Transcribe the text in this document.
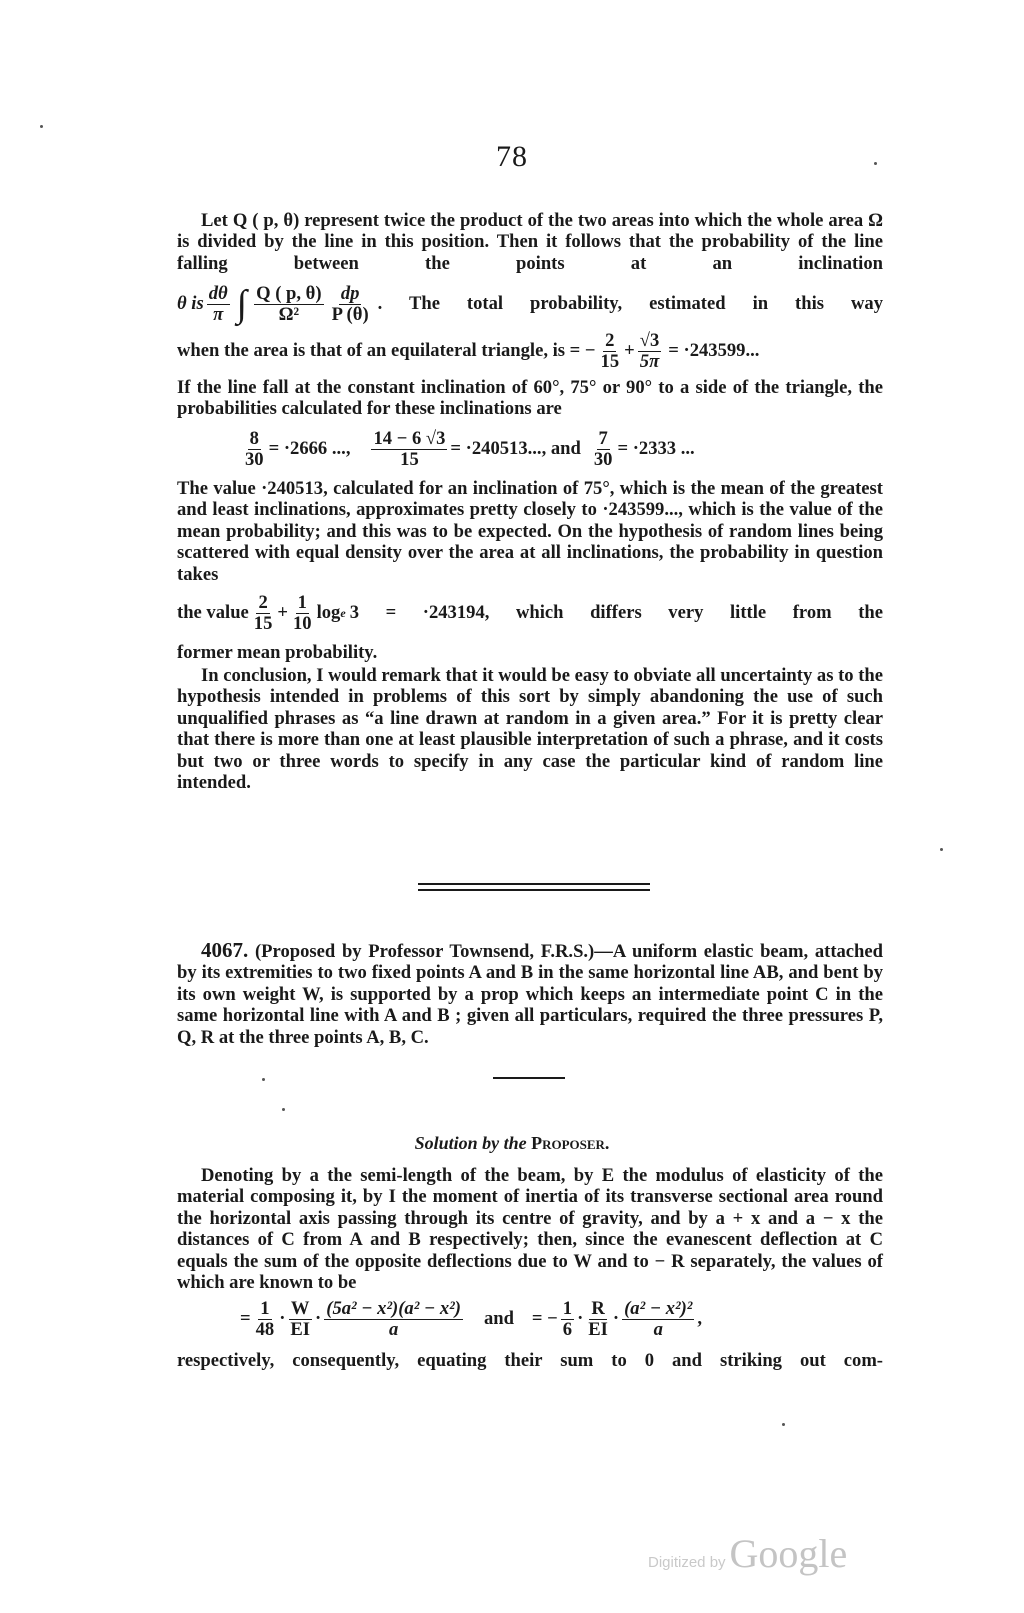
78

Let Q ( p, θ) represent twice the product of the two areas into which the whole area Ω is divided by the line in this position. Then it follows that the probability of the line falling between the points at an inclination

θ is $\frac{d\theta}{\pi}$ ∫ $\frac{Q ( p, \theta)}{\text{Ω²}} \frac{dp}{P (\theta)}$ . The total probability, estimated in this way
when the area is that of an equilateral triangle, is = − $\frac{2}{15} + \frac{√3}{5\pi} = \cdot 243599$...

If the line fall at the constant inclination of 60°, 75° or 90° to a side of the triangle, the probabilities calculated for these inclinations are

$\frac{8}{30} = \cdot 2666$ ..., $\frac{14 - 6 √3}{15} = \cdot 240513$..., and $\frac{7}{30} = \cdot 2333$ ...

The value ·240513, calculated for an inclination of 75°, which is the mean of the greatest and least inclinations, approximates pretty closely to ·243599..., which is the value of the mean probability; and this was to be expected. On the hypothesis of random lines being scattered with equal density over the area at all inclinations, the probability in question takes

the value $\frac{2}{15} + \frac{1}{10}$ log e 3 = ·243194, which differs very little from the

former mean probability.

In conclusion, I would remark that it would be easy to obviate all uncertainty as to the hypothesis intended in problems of this sort by simply abandoning the use of such unqualified phrases as “a line drawn at random in a given area.” For it is pretty clear that there is more than one at least plausible interpretation of such a phrase, and it costs but two or three words to specify in any case the particular kind of random line intended.

4067. (Proposed by Professor Townsend, F.R.S.)—A uniform elastic beam, attached by its extremities to two fixed points A and B in the same horizontal line AB, and bent by its own weight W, is supported by a prop which keeps an intermediate point C in the same horizontal line with A and B ; given all particulars, required the three pressures P, Q, R at the three points A, B, C.

Solution by the Proposer.

Denoting by a the semi-length of the beam, by E the modulus of elasticity of the material composing it, by I the moment of inertia of its transverse sectional area round the horizontal axis passing through its centre of gravity, and by a + x and a − x the distances of C from A and B respectively; then, since the evanescent deflection at C equals the sum of the opposite deflections due to W and to − R separately, the values of which are known to be

= $\frac{1}{48} \cdot \frac{W}{EI} \cdot \frac{\text{(5a² − x²)(a² − x²)}}{a}$ and = − $\frac{1}{6} \cdot \frac{R}{EI} \cdot \frac{\text{(a² − x²)²}}{a}$ ,

respectively, consequently, equating their sum to 0 and striking out com-

Digitized by Google
